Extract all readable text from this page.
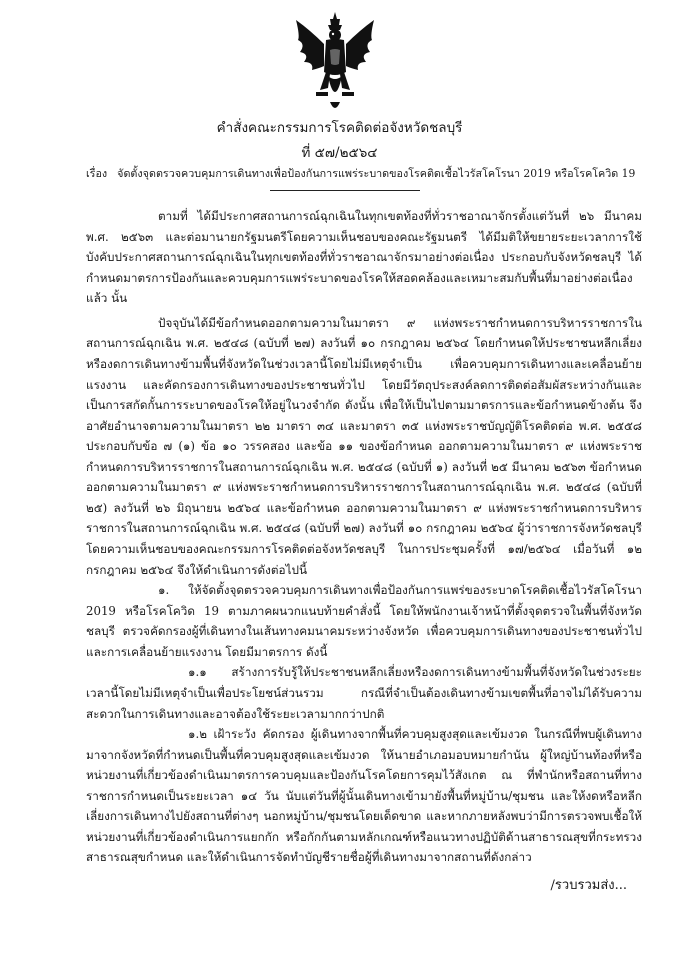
คำสั่งคณะกรรมการโรคติดต่อจังหวัดชลบุรี
ที่ ๕๗/๒๕๖๔
เรื่อง จัดตั้งจุดตรวจควบคุมการเดินทางเพื่อป้องกันการแพร่ระบาดของโรคติดเชื้อไวรัสโคโรนา 2019 หรือโรคโควิด 19

ตามที่ ได้มีประกาศสถานการณ์ฉุกเฉินในทุกเขตท้องที่ทั่วราชอาณาจักรตั้งแต่วันที่ ๒๖ มีนาคม พ.ศ. ๒๕๖๓ และต่อมานายกรัฐมนตรีโดยความเห็นชอบของคณะรัฐมนตรี ได้มีมติให้ขยายระยะเวลาการใช้บังคับประกาศสถานการณ์ฉุกเฉินในทุกเขตท้องที่ทั่วราชอาณาจักรมาอย่างต่อเนื่อง ประกอบกับจังหวัดชลบุรี ได้กำหนดมาตรการป้องกันและควบคุมการแพร่ระบาดของโรคให้สอดคล้องและเหมาะสมกับพื้นที่มาอย่างต่อเนื่องแล้ว นั้น

ปัจจุบันได้มีข้อกำหนดออกตามความในมาตรา ๙ แห่งพระราชกำหนดการบริหารราชการในสถานการณ์ฉุกเฉิน พ.ศ. ๒๕๔๘ (ฉบับที่ ๒๗) ลงวันที่ ๑๐ กรกฎาคม ๒๕๖๔ โดยกำหนดให้ประชาชนหลีกเลี่ยงหรืองดการเดินทางข้ามพื้นที่จังหวัดในช่วงเวลานี้โดยไม่มีเหตุจำเป็น เพื่อควบคุมการเดินทางและเคลื่อนย้ายแรงงาน และคัดกรองการเดินทางของประชาชนทั่วไป โดยมีวัตถุประสงค์ลดการติดต่อสัมผัสระหว่างกันและเป็นการสกัดกั้นการระบาดของโรคให้อยู่ในวงจำกัด ดังนั้น เพื่อให้เป็นไปตามมาตรการและข้อกำหนดข้างต้น จึงอาศัยอำนาจตามความในมาตรา ๒๒ มาตรา ๓๔ และมาตรา ๓๕ แห่งพระราชบัญญัติโรคติดต่อ พ.ศ. ๒๕๕๘ ประกอบกับข้อ ๗ (๑) ข้อ ๑๐ วรรคสอง และข้อ ๑๑ ของข้อกำหนด ออกตามความในมาตรา ๙ แห่งพระราชกำหนดการบริหารราชการในสถานการณ์ฉุกเฉิน พ.ศ. ๒๕๔๘ (ฉบับที่ ๑) ลงวันที่ ๒๕ มีนาคม ๒๕๖๓ ข้อกำหนด ออกตามความในมาตรา ๙ แห่งพระราชกำหนดการบริหารราชการในสถานการณ์ฉุกเฉิน พ.ศ. ๒๕๔๘ (ฉบับที่ ๒๕) ลงวันที่ ๒๖ มิถุนายน ๒๕๖๔ และข้อกำหนด ออกตามความในมาตรา ๙ แห่งพระราชกำหนดการบริหารราชการในสถานการณ์ฉุกเฉิน พ.ศ. ๒๕๔๘ (ฉบับที่ ๒๗) ลงวันที่ ๑๐ กรกฎาคม ๒๕๖๔ ผู้ว่าราชการจังหวัดชลบุรีโดยความเห็นชอบของคณะกรรมการโรคติดต่อจังหวัดชลบุรี ในการประชุมครั้งที่ ๑๗/๒๕๖๔ เมื่อวันที่ ๑๒ กรกฎาคม ๒๕๖๔ จึงให้ดำเนินการดังต่อไปนี้

๑. ให้จัดตั้งจุดตรวจควบคุมการเดินทางเพื่อป้องกันการแพร่ของระบาดโรคติดเชื้อไวรัสโคโรนา 2019 หรือโรคโควิด 19 ตามภาคผนวกแนบท้ายคำสั่งนี้ โดยให้พนักงานเจ้าหน้าที่ตั้งจุดตรวจในพื้นที่จังหวัดชลบุรี ตรวจคัดกรองผู้ที่เดินทางในเส้นทางคมนาคมระหว่างจังหวัด เพื่อควบคุมการเดินทางของประชาชนทั่วไปและการเคลื่อนย้ายแรงงาน โดยมีมาตรการ ดังนี้

๑.๑ สร้างการรับรู้ให้ประชาชนหลีกเลี่ยงหรืองดการเดินทางข้ามพื้นที่จังหวัดในช่วงระยะเวลานี้โดยไม่มีเหตุจำเป็นเพื่อประโยชน์ส่วนรวม กรณีที่จำเป็นต้องเดินทางข้ามเขตพื้นที่อาจไม่ได้รับความสะดวกในการเดินทางและอาจต้องใช้ระยะเวลามากกว่าปกติ

๑.๒ เฝ้าระวัง คัดกรอง ผู้เดินทางจากพื้นที่ควบคุมสูงสุดและเข้มงวด ในกรณีที่พบผู้เดินทางมาจากจังหวัดที่กำหนดเป็นพื้นที่ควบคุมสูงสุดและเข้มงวด ให้นายอำเภอมอบหมายกำนัน ผู้ใหญ่บ้านท้องที่หรือหน่วยงานที่เกี่ยวข้องดำเนินมาตรการควบคุมและป้องกันโรคโดยการคุมไว้สังเกต ณ ที่พำนักหรือสถานที่ทางราชการกำหนดเป็นระยะเวลา ๑๔ วัน นับแต่วันที่ผู้นั้นเดินทางเข้ามายังพื้นที่หมู่บ้าน/ชุมชน และให้งดหรือหลีกเลี่ยงการเดินทางไปยังสถานที่ต่างๆ นอกหมู่บ้าน/ชุมชนโดยเด็ดขาด และหากภายหลังพบว่ามีการตรวจพบเชื้อให้หน่วยงานที่เกี่ยวข้องดำเนินการแยกกัก หรือกักกันตามหลักเกณฑ์หรือแนวทางปฏิบัติด้านสาธารณสุขที่กระทรวงสาธารณสุขกำหนด และให้ดำเนินการจัดทำบัญชีรายชื่อผู้ที่เดินทางมาจากสถานที่ดังกล่าว

/รวบรวมส่ง...
